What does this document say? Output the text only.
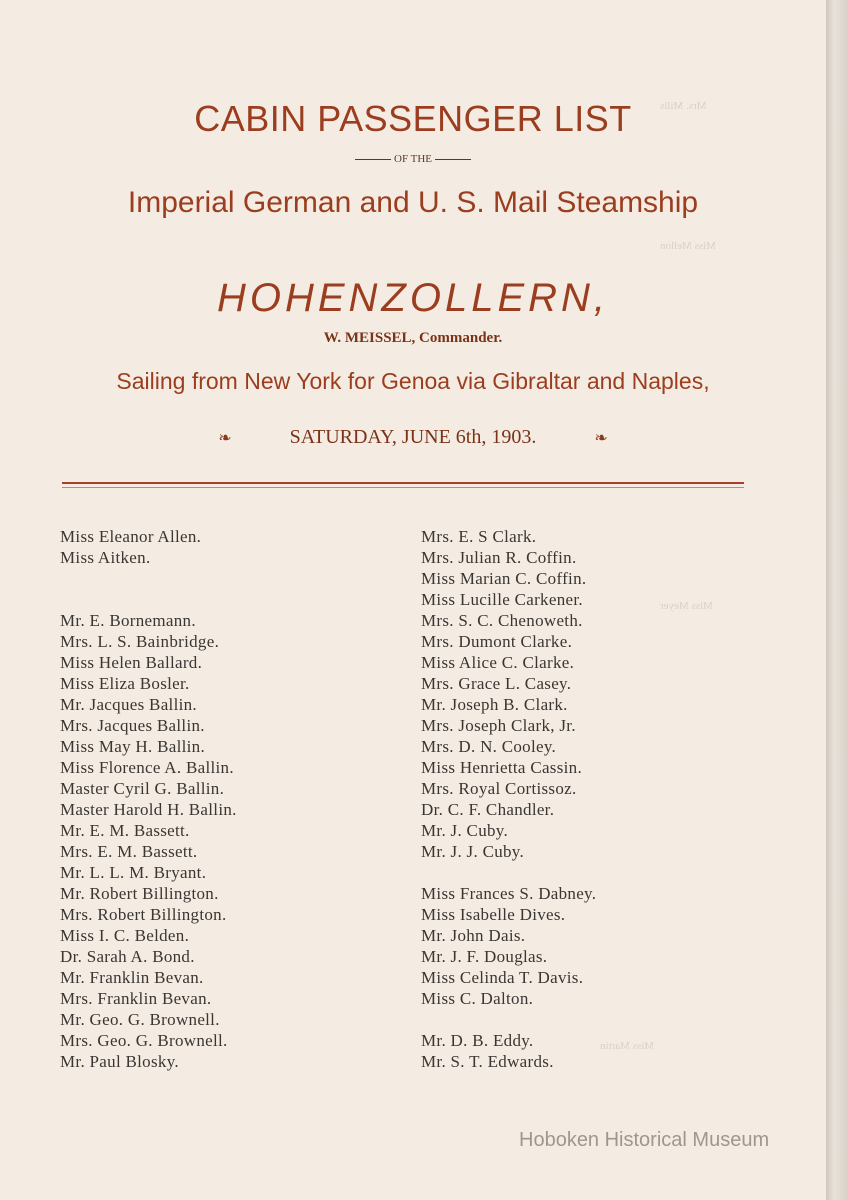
CABIN PASSENGER LIST
OF THE
Imperial German and U. S. Mail Steamship
HOHENZOLLERN,
W. MEISSEL, Commander.
Sailing from New York for Genoa via Gibraltar and Naples,
❧	SATURDAY, JUNE 6th, 1903.	❧
Miss Eleanor Allen.
Miss Aitken.
Mr. E. Bornemann.
Mrs. L. S. Bainbridge.
Miss Helen Ballard.
Miss Eliza Bosler.
Mr. Jacques Ballin.
Mrs. Jacques Ballin.
Miss May H. Ballin.
Miss Florence A. Ballin.
Master Cyril G. Ballin.
Master Harold H. Ballin.
Mr. E. M. Bassett.
Mrs. E. M. Bassett.
Mr. L. L. M. Bryant.
Mr. Robert Billington.
Mrs. Robert Billington.
Miss I. C. Belden.
Dr. Sarah A. Bond.
Mr. Franklin Bevan.
Mrs. Franklin Bevan.
Mr. Geo. G. Brownell.
Mrs. Geo. G. Brownell.
Mr. Paul Blosky.
Mrs. E. S Clark.
Mrs. Julian R. Coffin.
Miss Marian C. Coffin.
Miss Lucille Carkener.
Mrs. S. C. Chenoweth.
Mrs. Dumont Clarke.
Miss Alice C. Clarke.
Mrs. Grace L. Casey.
Mr. Joseph B. Clark.
Mrs. Joseph Clark, Jr.
Mrs. D. N. Cooley.
Miss Henrietta Cassin.
Mrs. Royal Cortissoz.
Dr. C. F. Chandler.
Mr. J. Cuby.
Mr. J. J. Cuby.
Miss Frances S. Dabney.
Miss Isabelle Dives.
Mr. John Dais.
Mr. J. F. Douglas.
Miss Celinda T. Davis.
Miss C. Dalton.
Mr. D. B. Eddy.
Mr. S. T. Edwards.
Mrs. Mills
Miss Mellon
Miss Meyer
Miss Martin
Hoboken Historical Museum
